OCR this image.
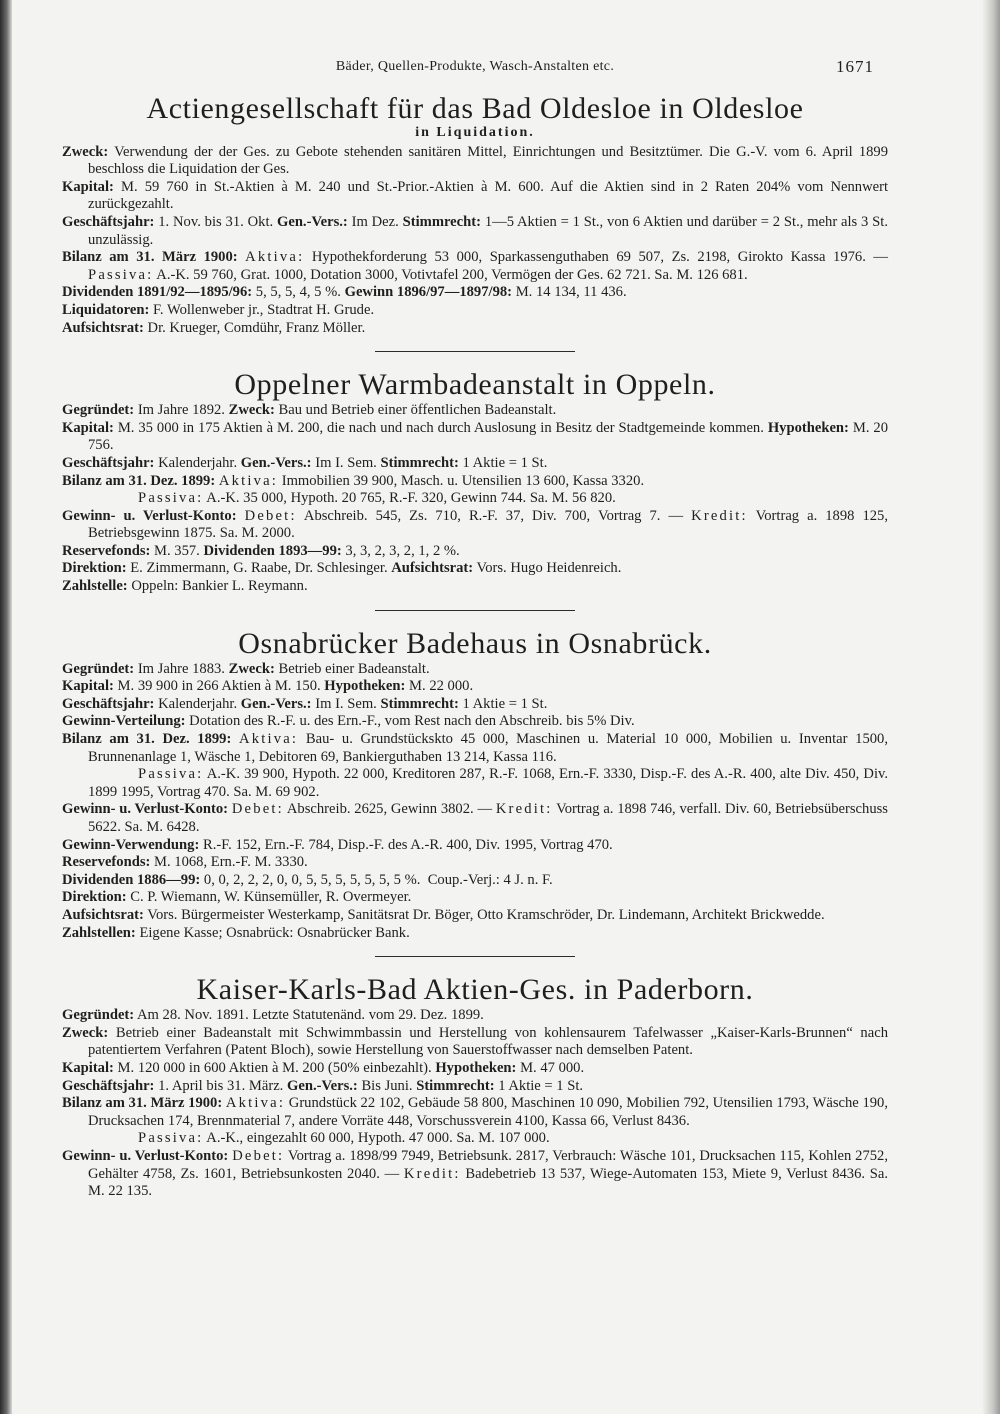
Bäder, Quellen-Produkte, Wasch-Anstalten etc.	1671
Actiengesellschaft für das Bad Oldesloe in Oldesloe
in Liquidation.

Zweck: Verwendung der der Ges. zu Gebote stehenden sanitären Mittel, Einrichtungen und Besitztümer. Die G.-V. vom 6. April 1899 beschloss die Liquidation der Ges.

Kapital: M. 59 760 in St.-Aktien à M. 240 und St.-Prior.-Aktien à M. 600. Auf die Aktien sind in 2 Raten 204% vom Nennwert zurückgezahlt.

Geschäftsjahr: 1. Nov. bis 31. Okt. Gen.-Vers.: Im Dez. Stimmrecht: 1—5 Aktien = 1 St., von 6 Aktien und darüber = 2 St., mehr als 3 St. unzulässig.

Bilanz am 31. März 1900: Aktiva: Hypothekforderung 53 000, Sparkassenguthaben 69 507, Zs. 2198, Girokto Kassa 1976. — Passiva: A.-K. 59 760, Grat. 1000, Dotation 3000, Votivtafel 200, Vermögen der Ges. 62 721. Sa. M. 126 681.

Dividenden 1891/92—1895/96: 5, 5, 5, 4, 5 %. Gewinn 1896/97—1897/98: M. 14 134, 11 436.

Liquidatoren: F. Wollenweber jr., Stadtrat H. Grude.

Aufsichtsrat: Dr. Krueger, Comdühr, Franz Möller.

Oppelner Warmbadeanstalt in Oppeln.

Gegründet: Im Jahre 1892. Zweck: Bau und Betrieb einer öffentlichen Badeanstalt.

Kapital: M. 35 000 in 175 Aktien à M. 200, die nach und nach durch Auslosung in Besitz der Stadtgemeinde kommen. Hypotheken: M. 20 756.

Geschäftsjahr: Kalenderjahr. Gen.-Vers.: Im I. Sem. Stimmrecht: 1 Aktie = 1 St.

Bilanz am 31. Dez. 1899: Aktiva: Immobilien 39 900, Masch. u. Utensilien 13 600, Kassa 3320.

Passiva: A.-K. 35 000, Hypoth. 20 765, R.-F. 320, Gewinn 744. Sa. M. 56 820.

Gewinn- u. Verlust-Konto: Debet: Abschreib. 545, Zs. 710, R.-F. 37, Div. 700, Vortrag 7. — Kredit: Vortrag a. 1898 125, Betriebsgewinn 1875. Sa. M. 2000.

Reservefonds: M. 357. Dividenden 1893—99: 3, 3, 2, 3, 2, 1, 2 %.

Direktion: E. Zimmermann, G. Raabe, Dr. Schlesinger. Aufsichtsrat: Vors. Hugo Heidenreich.

Zahlstelle: Oppeln: Bankier L. Reymann.

Osnabrücker Badehaus in Osnabrück.

Gegründet: Im Jahre 1883. Zweck: Betrieb einer Badeanstalt.

Kapital: M. 39 900 in 266 Aktien à M. 150. Hypotheken: M. 22 000.

Geschäftsjahr: Kalenderjahr. Gen.-Vers.: Im I. Sem. Stimmrecht: 1 Aktie = 1 St.

Gewinn-Verteilung: Dotation des R.-F. u. des Ern.-F., vom Rest nach den Abschreib. bis 5% Div.

Bilanz am 31. Dez. 1899: Aktiva: Bau- u. Grundstückskto 45 000, Maschinen u. Material 10 000, Mobilien u. Inventar 1500, Brunnenanlage 1, Wäsche 1, Debitoren 69, Bankierguthaben 13 214, Kassa 116.

Passiva: A.-K. 39 900, Hypoth. 22 000, Kreditoren 287, R.-F. 1068, Ern.-F. 3330, Disp.-F. des A.-R. 400, alte Div. 450, Div. 1899 1995, Vortrag 470. Sa. M. 69 902.

Gewinn- u. Verlust-Konto: Debet: Abschreib. 2625, Gewinn 3802. — Kredit: Vortrag a. 1898 746, verfall. Div. 60, Betriebsüberschuss 5622. Sa. M. 6428.

Gewinn-Verwendung: R.-F. 152, Ern.-F. 784, Disp.-F. des A.-R. 400, Div. 1995, Vortrag 470.

Reservefonds: M. 1068, Ern.-F. M. 3330.

Dividenden 1886—99: 0, 0, 2, 2, 2, 0, 0, 5, 5, 5, 5, 5, 5, 5 %. Coup.-Verj.: 4 J. n. F.

Direktion: C. P. Wiemann, W. Künsemüller, R. Overmeyer.

Aufsichtsrat: Vors. Bürgermeister Westerkamp, Sanitätsrat Dr. Böger, Otto Kramschröder, Dr. Lindemann, Architekt Brickwedde.

Zahlstellen: Eigene Kasse; Osnabrück: Osnabrücker Bank.

Kaiser-Karls-Bad Aktien-Ges. in Paderborn.

Gegründet: Am 28. Nov. 1891. Letzte Statutenänd. vom 29. Dez. 1899.

Zweck: Betrieb einer Badeanstalt mit Schwimmbassin und Herstellung von kohlensaurem Tafelwasser „Kaiser-Karls-Brunnen“ nach patentiertem Verfahren (Patent Bloch), sowie Herstellung von Sauerstoffwasser nach demselben Patent.

Kapital: M. 120 000 in 600 Aktien à M. 200 (50% einbezahlt). Hypotheken: M. 47 000.

Geschäftsjahr: 1. April bis 31. März. Gen.-Vers.: Bis Juni. Stimmrecht: 1 Aktie = 1 St.

Bilanz am 31. März 1900: Aktiva: Grundstück 22 102, Gebäude 58 800, Maschinen 10 090, Mobilien 792, Utensilien 1793, Wäsche 190, Drucksachen 174, Brennmaterial 7, andere Vorräte 448, Vorschussverein 4100, Kassa 66, Verlust 8436.

Passiva: A.-K., eingezahlt 60 000, Hypoth. 47 000. Sa. M. 107 000.

Gewinn- u. Verlust-Konto: Debet: Vortrag a. 1898/99 7949, Betriebsunk. 2817, Verbrauch: Wäsche 101, Drucksachen 115, Kohlen 2752, Gehälter 4758, Zs. 1601, Betriebsunkosten 2040. — Kredit: Badebetrieb 13 537, Wiege-Automaten 153, Miete 9, Verlust 8436. Sa. M. 22 135.
